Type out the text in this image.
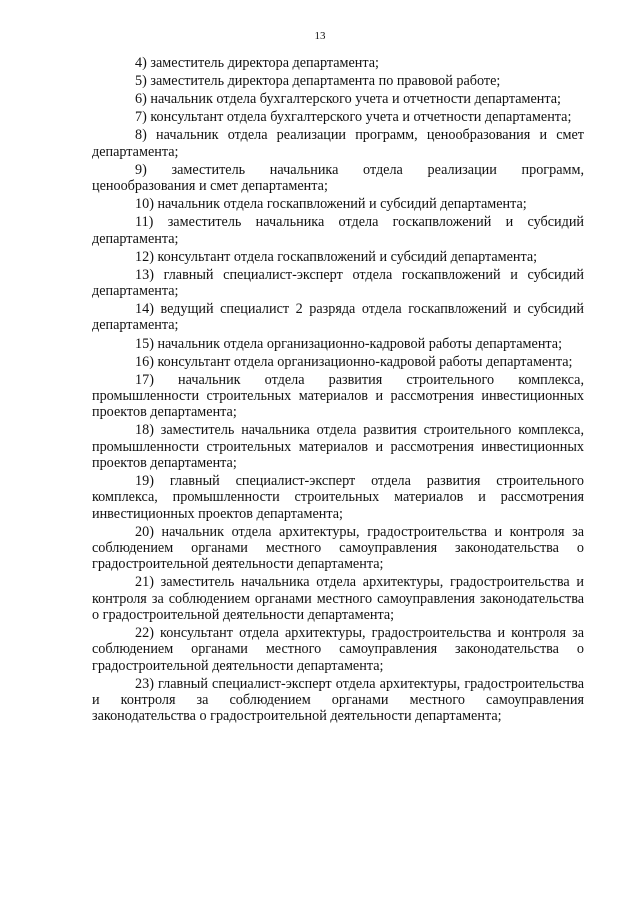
13

4) заместитель директора департамента;

5) заместитель директора департамента по правовой работе;

6) начальник отдела бухгалтерского учета и отчетности департамента;

7) консультант отдела бухгалтерского учета и отчетности департамента;

8) начальник отдела реализации программ, ценообразования и смет департамента;

9) заместитель начальника отдела реализации программ, ценообразования и смет департамента;

10) начальник отдела госкапвложений и субсидий департамента;

11) заместитель начальника отдела госкапвложений и субсидий департамента;

12) консультант отдела госкапвложений и субсидий департамента;

13) главный специалист-эксперт отдела госкапвложений и субсидий департамента;

14) ведущий специалист 2 разряда отдела госкапвложений и субсидий департамента;

15) начальник отдела организационно-кадровой работы департамента;

16) консультант отдела организационно-кадровой работы департамента;

17) начальник отдела развития строительного комплекса, промышленности строительных материалов и рассмотрения инвестиционных проектов департамента;

18) заместитель начальника отдела развития строительного комплекса, промышленности строительных материалов и рассмотрения инвестиционных проектов департамента;

19) главный специалист-эксперт отдела развития строительного комплекса, промышленности строительных материалов и рассмотрения инвестиционных проектов департамента;

20) начальник отдела архитектуры, градостроительства и контроля за соблюдением органами местного самоуправления законодательства о градостроительной деятельности департамента;

21) заместитель начальника отдела архитектуры, градостроительства и контроля за соблюдением органами местного самоуправления законодательства о градостроительной деятельности департамента;

22) консультант отдела архитектуры, градостроительства и контроля за соблюдением органами местного самоуправления законодательства о градостроительной деятельности департамента;

23) главный специалист-эксперт отдела архитектуры, градостроительства и контроля за соблюдением органами местного самоуправления законодательства о градостроительной деятельности департамента;
